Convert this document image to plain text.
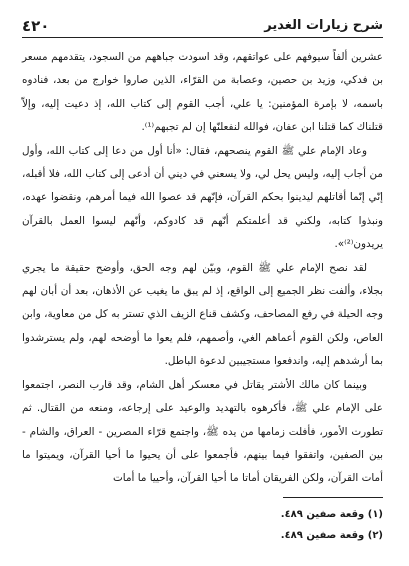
شرح زيارات الغدير
٤٢٠

عشرين ألفاً سيوفهم على عواتقهم، وقد اسودت جباههم من السجود، يتقدمهم مسعر بن فدكي، وزيد بن حصين، وعصابة من القرّاء، الذين صاروا خوارج من بعد، فنادوه باسمه، لا بإمرة المؤمنين: يا علي، أجب القوم إلى كتاب الله، إذ دعيت إليه، وإلاّ قتلناك كما قتلنا ابن عفان، فوالله لنفعلنّها إن لم تجبهم⁽¹⁾.

وعاد الإمام علي ﷺ القوم ينصحهم، فقال: «أنا أول من دعا إلى كتاب الله، وأول من أجاب إليه، وليس يحل لي، ولا يسعني في ديني أن أدعى إلى كتاب الله، فلا أقبله، إنّي إنّما أقاتلهم ليدينوا بحكم القرآن، فإنّهم قد عصوا الله فيما أمرهم، ونقضوا عهده، ونبذوا كتابه، ولكني قد أعلمتكم أنّهم قد كادوكم، وأنّهم ليسوا العمل بالقرآن يريدون⁽²⁾».

لقد نصح الإمام علي ﷺ القوم، وبيّن لهم وجه الحق، وأوضح حقيقة ما يجري بجلاء، وألفت نظر الجميع إلى الواقع، إذ لم يبق ما يغيب عن الأذهان، بعد أن أبان لهم وجه الحيلة في رفع المصاحف، وكشف قناع الزيف الذي تستر به كل من معاوية، وابن العاص، ولكن القوم أعماهم الغي، وأصمهم، فلم يعوا ما أوضحه لهم، ولم يسترشدوا بما أرشدهم إليه، واندفعوا مستجيبين لدعوة الباطل.

وبينما كان مالك الأشتر يقاتل في معسكر أهل الشام، وقد قارب النصر، اجتمعوا على الإمام علي ﷺ، فأكرهوه بالتهديد والوعيد على إرجاعه، ومنعه من القتال. ثم تطورت الأمور، فأفلت زمامها من يده ﷺ، واجتمع قرّاء المصرين - العراق، والشام - بين الصفين، واتفقوا فيما بينهم، فأجمعوا على أن يحيوا ما أحيا القرآن، ويميتوا ما أمات القرآن، ولكن الفريقان أماتا ما أحيا القرآن، وأحييا ما أمات

(١) وقعة صفين ٤٨٩.

(٢) وقعة صفين ٤٨٩.
